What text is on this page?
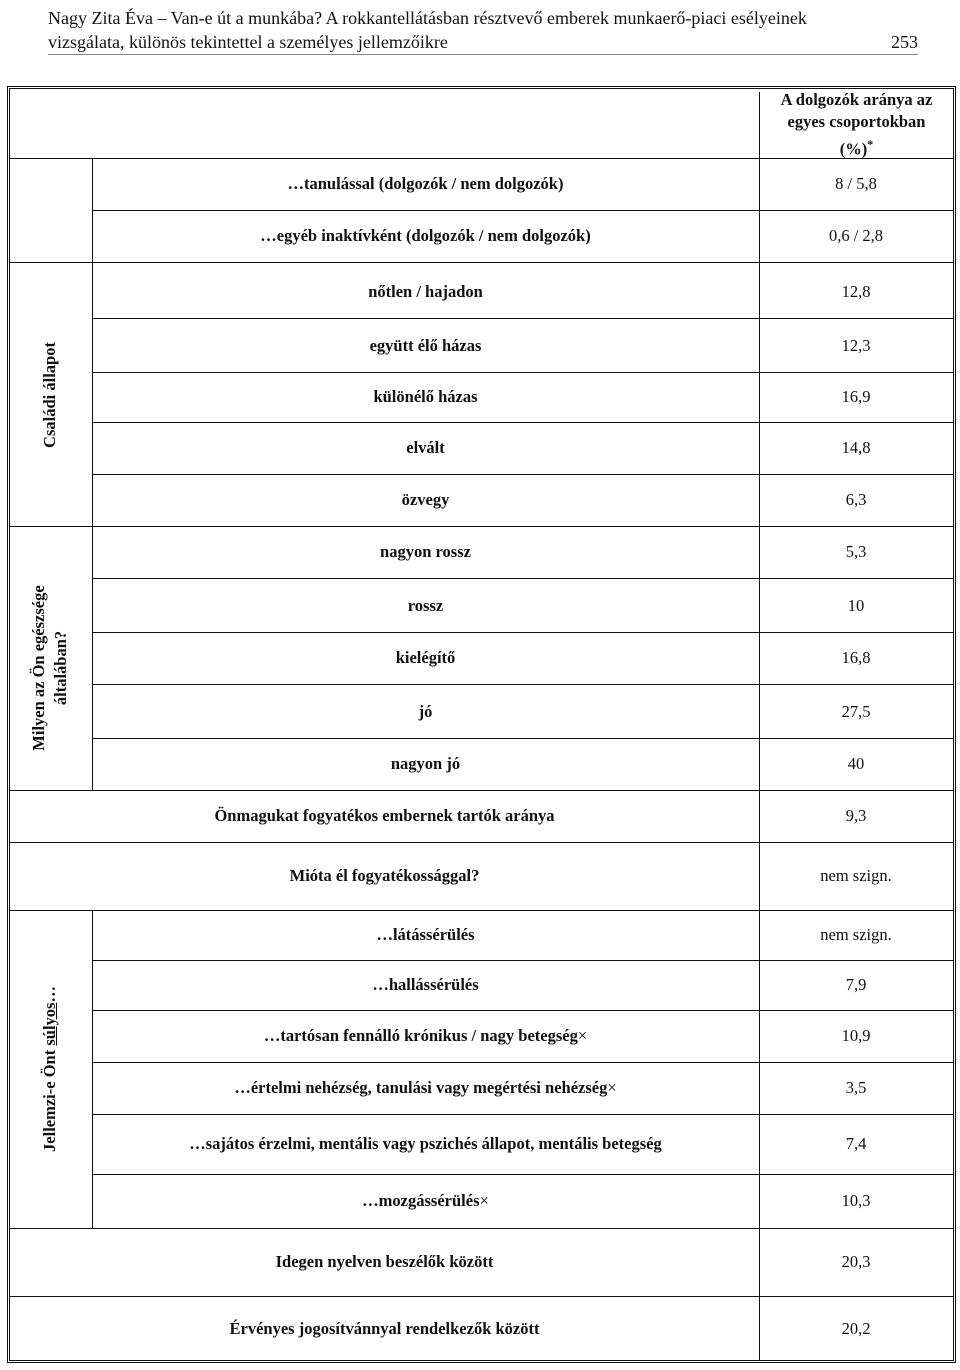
Nagy Zita Éva – Van-e út a munkába? A rokkantellátásban résztvevő emberek munkaerő-piaci esélyeinek
vizsgálata, különös tekintettel a személyes jellemzőikre	253
A dolgozók aránya az
egyes csoportokban
(%)*
…tanulással (dolgozók / nem dolgozók)	8 / 5,8
…egyéb inaktívként (dolgozók / nem dolgozók)	0,6 / 2,8
Családi állapot
nőtlen / hajadon	12,8
együtt élő házas	12,3
különélő házas	16,9
elvált	14,8
özvegy	6,3
Milyen az Ön egészsége általában?
nagyon rossz	5,3
rossz	10
kielégítő	16,8
jó	27,5
nagyon jó	40
Önmagukat fogyatékos embernek tartók aránya	9,3
Mióta él fogyatékossággal?	nem szign.
Jellemzi-e Önt
súlyos
…
…látássérülés	nem szign.
…hallássérülés	7,9
…tartósan fennálló krónikus / nagy betegség ×	10,9
…értelmi nehézség, tanulási vagy megértési nehézség ×	3,5
…sajátos érzelmi, mentális vagy pszichés állapot, mentális betegség	7,4
…mozgássérülés ×	10,3
Idegen nyelven beszélők között	20,3
Érvényes jogosítvánnyal rendelkezők között	20,2
